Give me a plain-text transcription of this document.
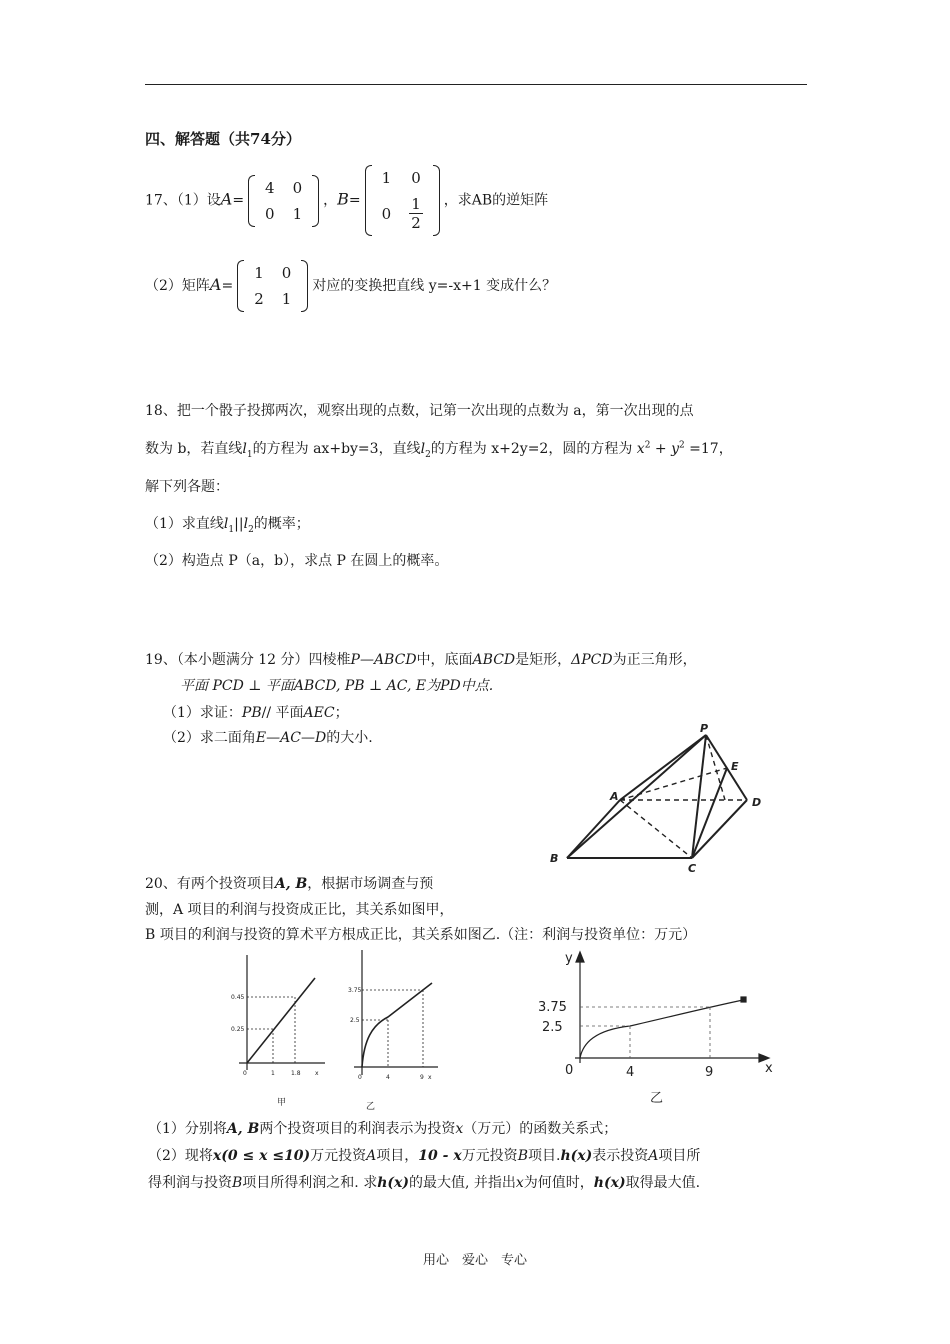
四、解答题（共74分）
17、（1）设A=
4	0
0	1
，B=
1	0
0	$\frac{1}{2}$ ，求AB的逆矩阵
（2）矩阵A=
1	0
2	1
对应的变换把直线 y=-x+1 变成什么？
18、把一个骰子投掷两次，观察出现的点数，记第一次出现的点数为 a，第一次出现的点
数为 b，若直线$l_1$的方程为 ax+by=3，直线$l_2$的方程为 x+2y=2，圆的方程为 $x^2 + y^2 =17$，
解下列各题：
（1）求直线$l_1||l_2$的概率；
（2）构造点 P（a，b），求点 P 在圆上的概率。
19、（本小题满分 12 分）四棱椎P—ABCD中，底面ABCD是矩形，ΔPCD为正三角形，
平面 PCD ⊥ 平面ABCD, PB ⊥ AC, E为PD中点.
（1）求证：PB// 平面AEC；
（2）求二面角E—AC—D的大小.
P
E
A	D
B
C
20、有两个投资项目A, B，根据市场调查与预
测，A 项目的利润与投资成正比，其关系如图甲，
B 项目的利润与投资的算术平方根成正比，其关系如图乙.（注：利润与投资单位：万元）
0.45
0.25
0	1	1.8 x
甲
3.75
2.5
0	4	9 x
乙
y
3.75
2.5
0	4	9	x
乙
（1）分别将A, B两个投资项目的利润表示为投资x（万元）的函数关系式；
（2）现将x(0 ≤ x ≤10)万元投资A项目，10 - x万元投资B项目.h(x)表示投资A项目所
得利润与投资B项目所得利润之和. 求h(x)的最大值, 并指出x为何值时，h(x)取得最大值.
用心　爱心　专心
